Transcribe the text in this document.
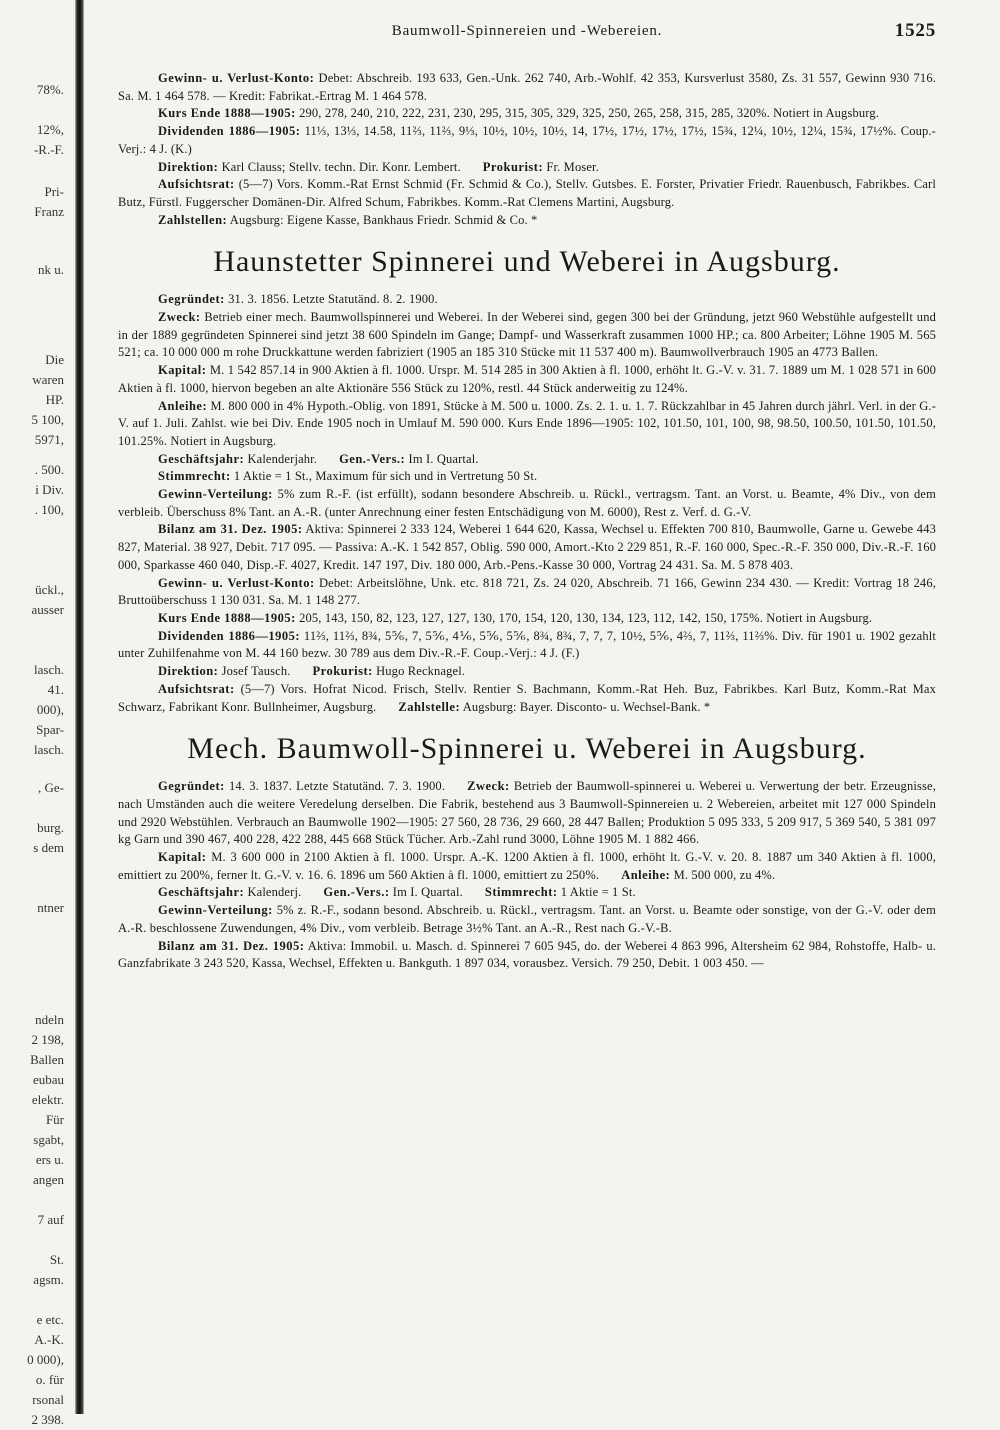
78%.
12%,
-R.-F.
Pri-
Franz
nk u.
Die
waren
HP.
5 100,
5971,
. 500.
i Div.
. 100,
ückl.,
ausser
lasch.
41.
000),
Spar-
lasch.
, Ge-
burg.
s dem
ntner
ndeln
2 198,
Ballen
eubau
elektr.
Für
sgabt,
ers u.
angen
7 auf
St.
agsm.
e etc.
A.-K.
0 000),
o. für
rsonal
2 398.
Baumwoll-Spinnereien und -Webereien.	1525

Gewinn- u. Verlust-Konto: Debet: Abschreib. 193 633, Gen.-Unk. 262 740, Arb.-Wohlf. 42 353, Kursverlust 3580, Zs. 31 557, Gewinn 930 716. Sa. M. 1 464 578. — Kredit: Fabrikat.-Ertrag M. 1 464 578.

Kurs Ende 1888—1905: 290, 278, 240, 210, 222, 231, 230, 295, 315, 305, 329, 325, 250, 265, 258, 315, 285, 320%. Notiert in Augsburg.

Dividenden 1886—1905: 11⅓, 13⅓, 14.58, 11⅔, 11⅔, 9⅓, 10½, 10½, 10½, 14, 17½, 17½, 17½, 17½, 15¾, 12¼, 10½, 12¼, 15¾, 17½%. Coup.-Verj.: 4 J. (K.)

Direktion: Karl Clauss; Stellv. techn. Dir. Konr. Lembert. Prokurist: Fr. Moser.

Aufsichtsrat: (5—7) Vors. Komm.-Rat Ernst Schmid (Fr. Schmid & Co.), Stellv. Gutsbes. E. Forster, Privatier Friedr. Rauenbusch, Fabrikbes. Carl Butz, Fürstl. Fuggerscher Domänen-Dir. Alfred Schum, Fabrikbes. Komm.-Rat Clemens Martini, Augsburg.

Zahlstellen: Augsburg: Eigene Kasse, Bankhaus Friedr. Schmid & Co. *

Haunstetter Spinnerei und Weberei in Augsburg.

Gegründet: 31. 3. 1856. Letzte Statutänd. 8. 2. 1900.

Zweck: Betrieb einer mech. Baumwollspinnerei und Weberei. In der Weberei sind, gegen 300 bei der Gründung, jetzt 960 Webstühle aufgestellt und in der 1889 gegründeten Spinnerei sind jetzt 38 600 Spindeln im Gange; Dampf- und Wasserkraft zusammen 1000 HP.; ca. 800 Arbeiter; Löhne 1905 M. 565 521; ca. 10 000 000 m rohe Druckkattune werden fabriziert (1905 an 185 310 Stücke mit 11 537 400 m). Baumwollverbrauch 1905 an 4773 Ballen.

Kapital: M. 1 542 857.14 in 900 Aktien à fl. 1000. Urspr. M. 514 285 in 300 Aktien à fl. 1000, erhöht lt. G.-V. v. 31. 7. 1889 um M. 1 028 571 in 600 Aktien à fl. 1000, hiervon begeben an alte Aktionäre 556 Stück zu 120%, restl. 44 Stück anderweitig zu 124%.

Anleihe: M. 800 000 in 4% Hypoth.-Oblig. von 1891, Stücke à M. 500 u. 1000. Zs. 2. 1. u. 1. 7. Rückzahlbar in 45 Jahren durch jährl. Verl. in der G.-V. auf 1. Juli. Zahlst. wie bei Div. Ende 1905 noch in Umlauf M. 590 000. Kurs Ende 1896—1905: 102, 101.50, 101, 100, 98, 98.50, 100.50, 101.50, 101.50, 101.25%. Notiert in Augsburg.

Geschäftsjahr: Kalenderjahr. Gen.-Vers.: Im I. Quartal.

Stimmrecht: 1 Aktie = 1 St., Maximum für sich und in Vertretung 50 St.

Gewinn-Verteilung: 5% zum R.-F. (ist erfüllt), sodann besondere Abschreib. u. Rückl., vertragsm. Tant. an Vorst. u. Beamte, 4% Div., von dem verbleib. Überschuss 8% Tant. an A.-R. (unter Anrechnung einer festen Entschädigung von M. 6000), Rest z. Verf. d. G.-V.

Bilanz am 31. Dez. 1905: Aktiva: Spinnerei 2 333 124, Weberei 1 644 620, Kassa, Wechsel u. Effekten 700 810, Baumwolle, Garne u. Gewebe 443 827, Material. 38 927, Debit. 717 095. — Passiva: A.-K. 1 542 857, Oblig. 590 000, Amort.-Kto 2 229 851, R.-F. 160 000, Spec.-R.-F. 350 000, Div.-R.-F. 160 000, Sparkasse 460 040, Disp.-F. 4027, Kredit. 147 197, Div. 180 000, Arb.-Pens.-Kasse 30 000, Vortrag 24 431. Sa. M. 5 878 403.

Gewinn- u. Verlust-Konto: Debet: Arbeitslöhne, Unk. etc. 818 721, Zs. 24 020, Abschreib. 71 166, Gewinn 234 430. — Kredit: Vortrag 18 246, Bruttoüberschuss 1 130 031. Sa. M. 1 148 277.

Kurs Ende 1888—1905: 205, 143, 150, 82, 123, 127, 127, 130, 170, 154, 120, 130, 134, 123, 112, 142, 150, 175%. Notiert in Augsburg.

Dividenden 1886—1905: 11⅔, 11⅔, 8¾, 5⅚, 7, 5⅚, 4⅙, 5⅚, 5⅚, 8¾, 8¾, 7, 7, 7, 10½, 5⅚, 4⅔, 7, 11⅔, 11⅔%. Div. für 1901 u. 1902 gezahlt unter Zuhilfenahme von M. 44 160 bezw. 30 789 aus dem Div.-R.-F. Coup.-Verj.: 4 J. (F.)

Direktion: Josef Tausch. Prokurist: Hugo Recknagel.

Aufsichtsrat: (5—7) Vors. Hofrat Nicod. Frisch, Stellv. Rentier S. Bachmann, Komm.-Rat Heh. Buz, Fabrikbes. Karl Butz, Komm.-Rat Max Schwarz, Fabrikant Konr. Bullnheimer, Augsburg. Zahlstelle: Augsburg: Bayer. Disconto- u. Wechsel-Bank. *

Mech. Baumwoll-Spinnerei u. Weberei in Augsburg.

Gegründet: 14. 3. 1837. Letzte Statutänd. 7. 3. 1900. Zweck: Betrieb der Baumwoll-spinnerei u. Weberei u. Verwertung der betr. Erzeugnisse, nach Umständen auch die weitere Veredelung derselben. Die Fabrik, bestehend aus 3 Baumwoll-Spinnereien u. 2 Webereien, arbeitet mit 127 000 Spindeln und 2920 Webstühlen. Verbrauch an Baumwolle 1902—1905: 27 560, 28 736, 29 660, 28 447 Ballen; Produktion 5 095 333, 5 209 917, 5 369 540, 5 381 097 kg Garn und 390 467, 400 228, 422 288, 445 668 Stück Tücher. Arb.-Zahl rund 3000, Löhne 1905 M. 1 882 466.

Kapital: M. 3 600 000 in 2100 Aktien à fl. 1000. Urspr. A.-K. 1200 Aktien à fl. 1000, erhöht lt. G.-V. v. 20. 8. 1887 um 340 Aktien à fl. 1000, emittiert zu 200%, ferner lt. G.-V. v. 16. 6. 1896 um 560 Aktien à fl. 1000, emittiert zu 250%. Anleihe: M. 500 000, zu 4%.

Geschäftsjahr: Kalenderj. Gen.-Vers.: Im I. Quartal. Stimmrecht: 1 Aktie = 1 St.

Gewinn-Verteilung: 5% z. R.-F., sodann besond. Abschreib. u. Rückl., vertragsm. Tant. an Vorst. u. Beamte oder sonstige, von der G.-V. oder dem A.-R. beschlossene Zuwendungen, 4% Div., vom verbleib. Betrage 3½% Tant. an A.-R., Rest nach G.-V.-B.

Bilanz am 31. Dez. 1905: Aktiva: Immobil. u. Masch. d. Spinnerei 7 605 945, do. der Weberei 4 863 996, Altersheim 62 984, Rohstoffe, Halb- u. Ganzfabrikate 3 243 520, Kassa, Wechsel, Effekten u. Bankguth. 1 897 034, vorausbez. Versich. 79 250, Debit. 1 003 450. —
